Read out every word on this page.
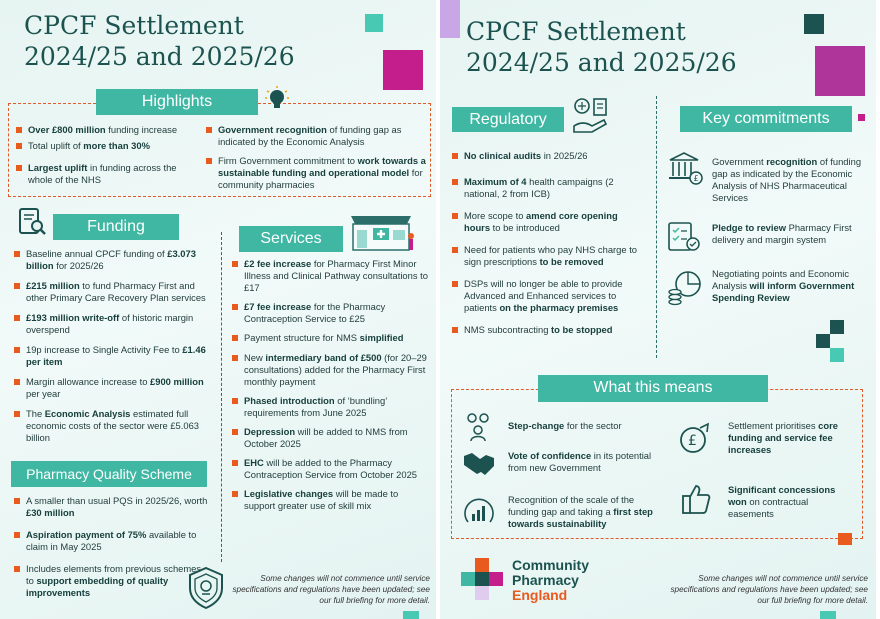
CPCF Settlement
2024/25 and 2025/26
Highlights
Over £800 million funding increase
Total uplift of more than 30%
Largest uplift in funding across the whole of the NHS
Government recognition of funding gap as indicated by the Economic Analysis
Firm Government commitment to work towards a sustainable funding and operational model for community pharmacies
Funding
Baseline annual CPCF funding of £3.073 billion for 2025/26
£215 million to fund Pharmacy First and other Primary Care Recovery Plan services
£193 million write-off of historic margin overspend
19p increase to Single Activity Fee to £1.46 per item
Margin allowance increase to £900 million per year
The Economic Analysis estimated full economic costs of the sector were £5.063 billion
Pharmacy Quality Scheme
A smaller than usual PQS in 2025/26, worth £30 million
Aspiration payment of 75% available to claim in May 2025
Includes elements from previous schemes to support embedding of quality improvements
Services
£2 fee increase for Pharmacy First Minor Illness and Clinical Pathway consultations to £17
£7 fee increase for the Pharmacy Contraception Service to £25
Payment structure for NMS simplified
New intermediary band of £500 (for 20–29 consultations) added for the Pharmacy First monthly payment
Phased introduction of ‘bundling’ requirements from June 2025
Depression will be added to NMS from October 2025
EHC will be added to the Pharmacy Contraception Service from October 2025
Legislative changes will be made to support greater use of skill mix
Some changes will not commence until service specifications and regulations have been updated; see our full briefing for more detail.
CPCF Settlement
2024/25 and 2025/26
Regulatory
No clinical audits in 2025/26
Maximum of 4 health campaigns (2 national, 2 from ICB)
More scope to amend core opening hours to be introduced
Need for patients who pay NHS charge to sign prescriptions to be removed
DSPs will no longer be able to provide Advanced and Enhanced services to patients on the pharmacy premises
NMS subcontracting to be stopped
Key commitments
£
Government recognition of funding gap as indicated by the Economic Analysis of NHS Pharmaceutical Services
Pledge to review Pharmacy First delivery and margin system
Negotiating points and Economic Analysis will inform Government Spending Review
What this means
Step-change for the sector
Vote of confidence in its potential from new Government
Recognition of the scale of the funding gap and taking a first step towards sustainability
£
Settlement prioritises core funding and service fee increases
Significant concessions won on contractual easements
Community
Pharmacy
England
Some changes will not commence until service specifications and regulations have been updated; see our full briefing for more detail.
